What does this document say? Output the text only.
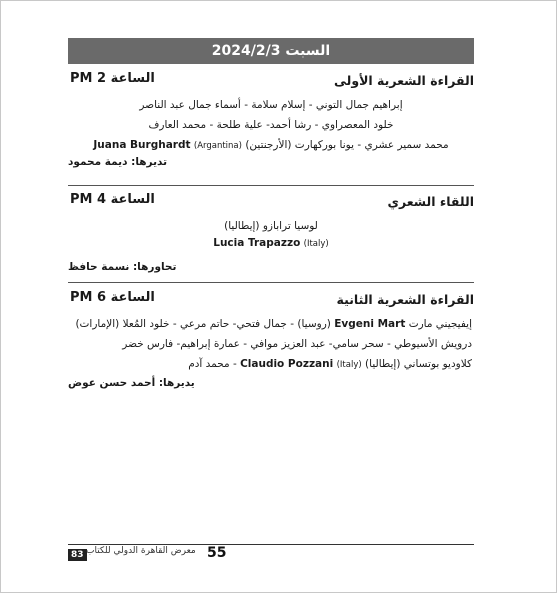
السبت 2024/2/3
القراءة الشعرية الأولى
الساعة 2 PM
إبراهيم جمال التوني - إسلام سلامة - أسماء جمال عبد الناصر
خلود المعصراوي - رشا أحمد- علية طلحة - محمد العارف
محمد سمير عشري - يونا بوركهارت (الأرجنتين) (Argantina) Juana Burghardt
تديرها: ديمة محمود
اللقاء الشعري
الساعة 4 PM
لوسيا ترابازو (إيطاليا)
(Italy) Lucia Trapazzo
تحاورها: نسمة حافظ
القراءة الشعرية الثانية
الساعة 6 PM
إيفيجيني مارت Evgeni Mart (روسيا) - جمال فتحي- حاتم مرعي - خلود المُعلا (الإمارات)
درويش الأسيوطي - سحر سامي- عبد العزيز موافي - عمارة إبراهيم- فارس خضر
كلاوديو بوتساني (إيطاليا) (Italy) Claudio Pozzani - محمد آدم
يديرها: أحمد حسن عوض
83 معرض القاهرة الدولي للكتاب 55
